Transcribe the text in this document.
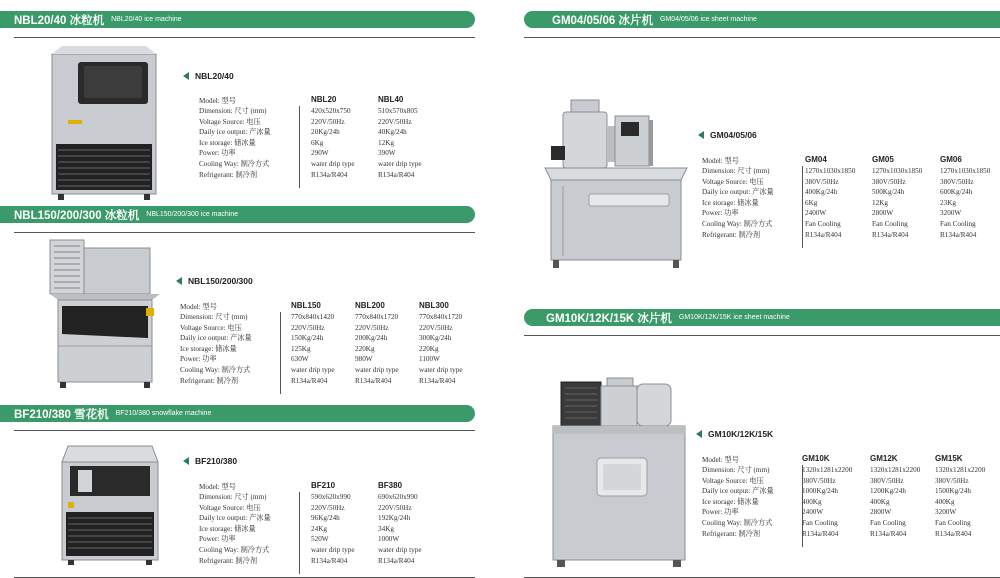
NBL20/40 冰粒机 NBL20/40 ice machine
NBL20/40
Model: 型号
Dimension: 尺寸 (mm)
Voltage Source: 电压
Daily ice output: 产冰量
Ice storage: 储冰量
Power: 功率
Cooling Way: 制冷方式
Refrigerant: 制冷剂
NBL20
420x520x750
220V/50Hz
20Kg/24h
6Kg
290W
water drip type
R134a/R404
NBL40
510x570x805
220V/50Hz
40Kg/24h
12Kg
390W
water drip type
R134a/R404
NBL150/200/300 冰粒机 NBL150/200/300 ice machine
NBL150/200/300
Model: 型号
Dimension: 尺寸 (mm)
Voltage Source: 电压
Daily ice output: 产冰量
Ice storage: 储冰量
Power: 功率
Cooling Way: 制冷方式
Refrigerant: 制冷剂
NBL150
770x840x1420
220V/50Hz
150Kg/24h
125Kg
630W
water drip type
R134a/R404
NBL200
770x840x1720
220V/50Hz
200Kg/24h
220Kg
980W
water drip type
R134a/R404
NBL300
770x840x1720
220V/50Hz
300Kg/24h
220Kg
1100W
water drip type
R134a/R404
BF210/380 雪花机 BF210/380 snowflake machine
BF210/380
Model: 型号
Dimension: 尺寸 (mm)
Voltage Source: 电压
Daily ice output: 产冰量
Ice storage: 储冰量
Power: 功率
Cooling Way: 制冷方式
Refrigerant: 制冷剂
BF210
590x620x990
220V/50Hz
96Kg/24h
24Kg
520W
water drip type
R134a/R404
BF380
690x620x990
220V/50Hz
192Kg/24h
34Kg
1000W
water drip type
R134a/R404
GM04/05/06 冰片机 GM04/05/06 ice sheet machine
GM04/05/06
Model: 型号
Dimension: 尺寸 (mm)
Voltage Source: 电压
Daily ice output: 产冰量
Ice storage: 储冰量
Power: 功率
Cooling Way: 制冷方式
Refrigerant: 制冷剂
GM04
1270x1030x1850
380V/50Hz
400Kg/24h
6Kg
2400W
Fan Cooling
R134a/R404
GM05
1270x1030x1850
380V/50Hz
500Kg/24h
12Kg
2800W
Fan Cooling
R134a/R404
GM06
1270x1030x1850
380V/50Hz
600Kg/24h
23Kg
3200W
Fan Cooling
R134a/R404
GM10K/12K/15K 冰片机 GM10K/12K/15K ice sheet machine
GM10K/12K/15K
Model: 型号
Dimension: 尺寸 (mm)
Voltage Source: 电压
Daily ice output: 产冰量
Ice storage: 储冰量
Power: 功率
Cooling Way: 制冷方式
Refrigerant: 制冷剂
GM10K
1320x1281x2200
380V/50Hz
1000Kg/24h
400Kg
2400W
Fan Cooling
R134a/R404
GM12K
1320x1281x2200
380V/50Hz
1200Kg/24h
400Kg
2800W
Fan Cooling
R134a/R404
GM15K
1320x1281x2200
380V/50Hz
1500Kg/24h
400Kg
3200W
Fan Cooling
R134a/R404
